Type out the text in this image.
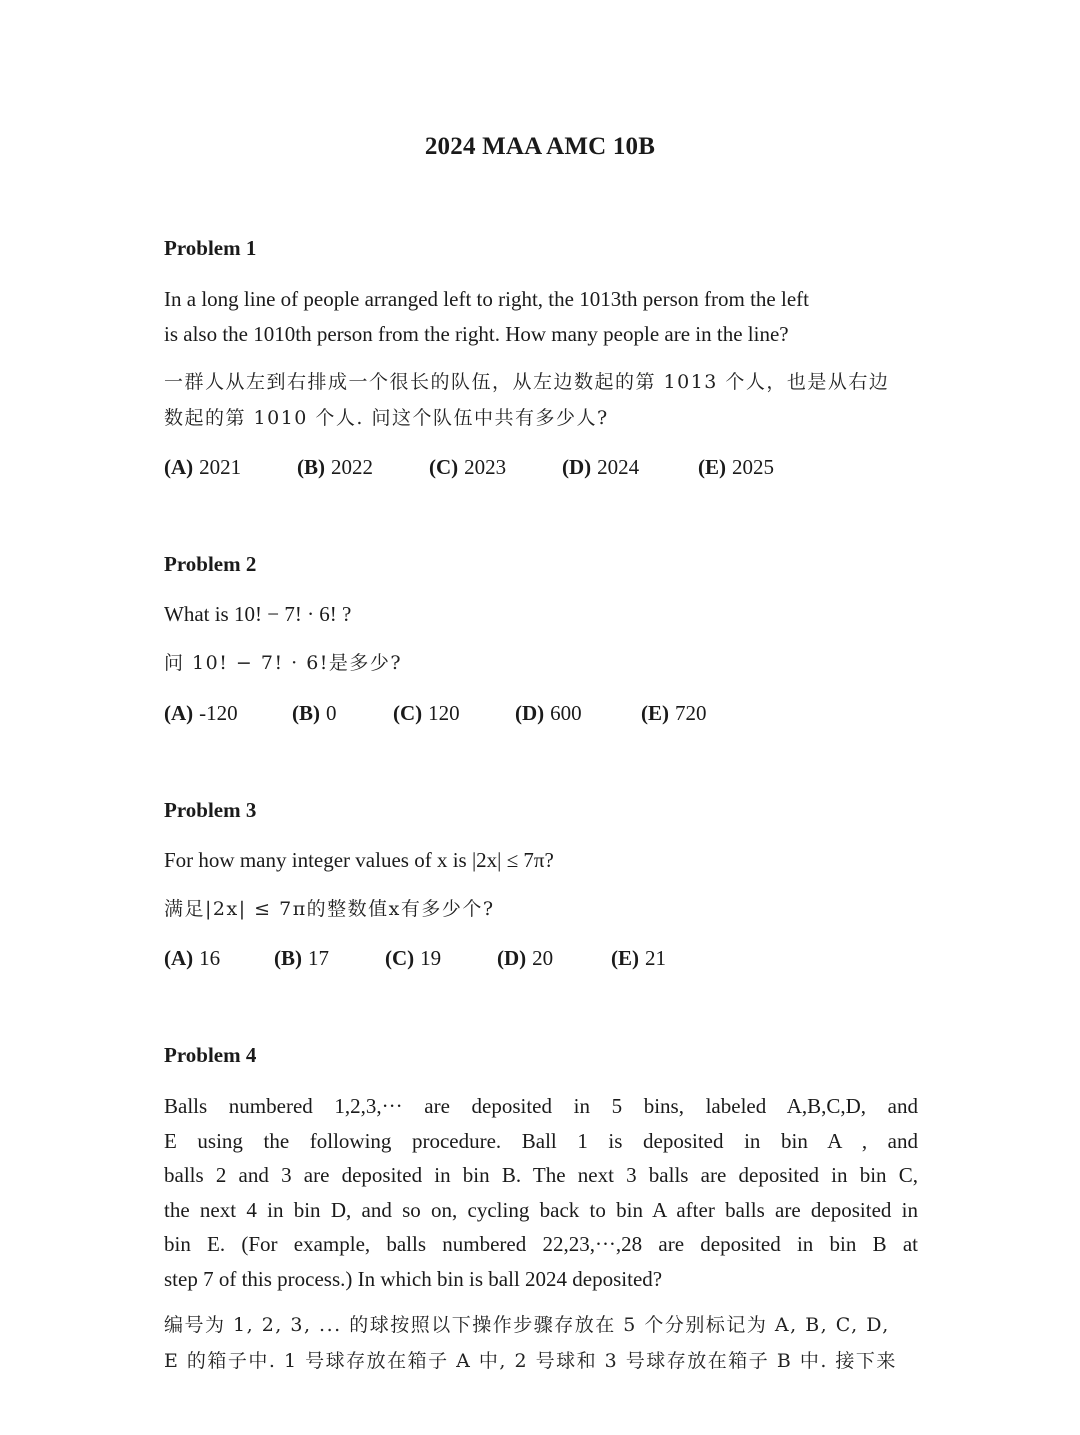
2024 MAA AMC 10B
Problem 1
In a long line of people arranged left to right, the 1013th person from the left
is also the 1010th person from the right. How many people are in the line?
一群人从左到右排成一个很长的队伍，从左边数起的第 1013 个人，也是从右边
数起的第 1010 个人. 问这个队伍中共有多少人?
(A) 2021	(B) 2022	(C) 2023	(D) 2024	(E) 2025
Problem 2
What is 10! − 7! · 6! ?
问 10! − 7! · 6!是多少?
(A) -120	(B) 0	(C) 120	(D) 600	(E) 720
Problem 3
For how many integer values of x is |2x| ≤ 7π?
满足|2x| ≤ 7π的整数值x有多少个?
(A) 16	(B) 17	(C) 19	(D) 20	(E) 21
Problem 4
Balls numbered 1,2,3,··· are deposited in 5 bins, labeled A,B,C,D, and
E using the following procedure. Ball 1 is deposited in bin A , and
balls 2 and 3 are deposited in bin B. The next 3 balls are deposited in bin C,
the next 4 in bin D, and so on, cycling back to bin A after balls are deposited in
bin E. (For example, balls numbered 22,23,···,28 are deposited in bin B at
step 7 of this process.) In which bin is ball 2024 deposited?
编号为 1, 2, 3, ... 的球按照以下操作步骤存放在 5 个分别标记为 A, B, C, D,
E 的箱子中. 1 号球存放在箱子 A 中, 2 号球和 3 号球存放在箱子 B 中. 接下来
